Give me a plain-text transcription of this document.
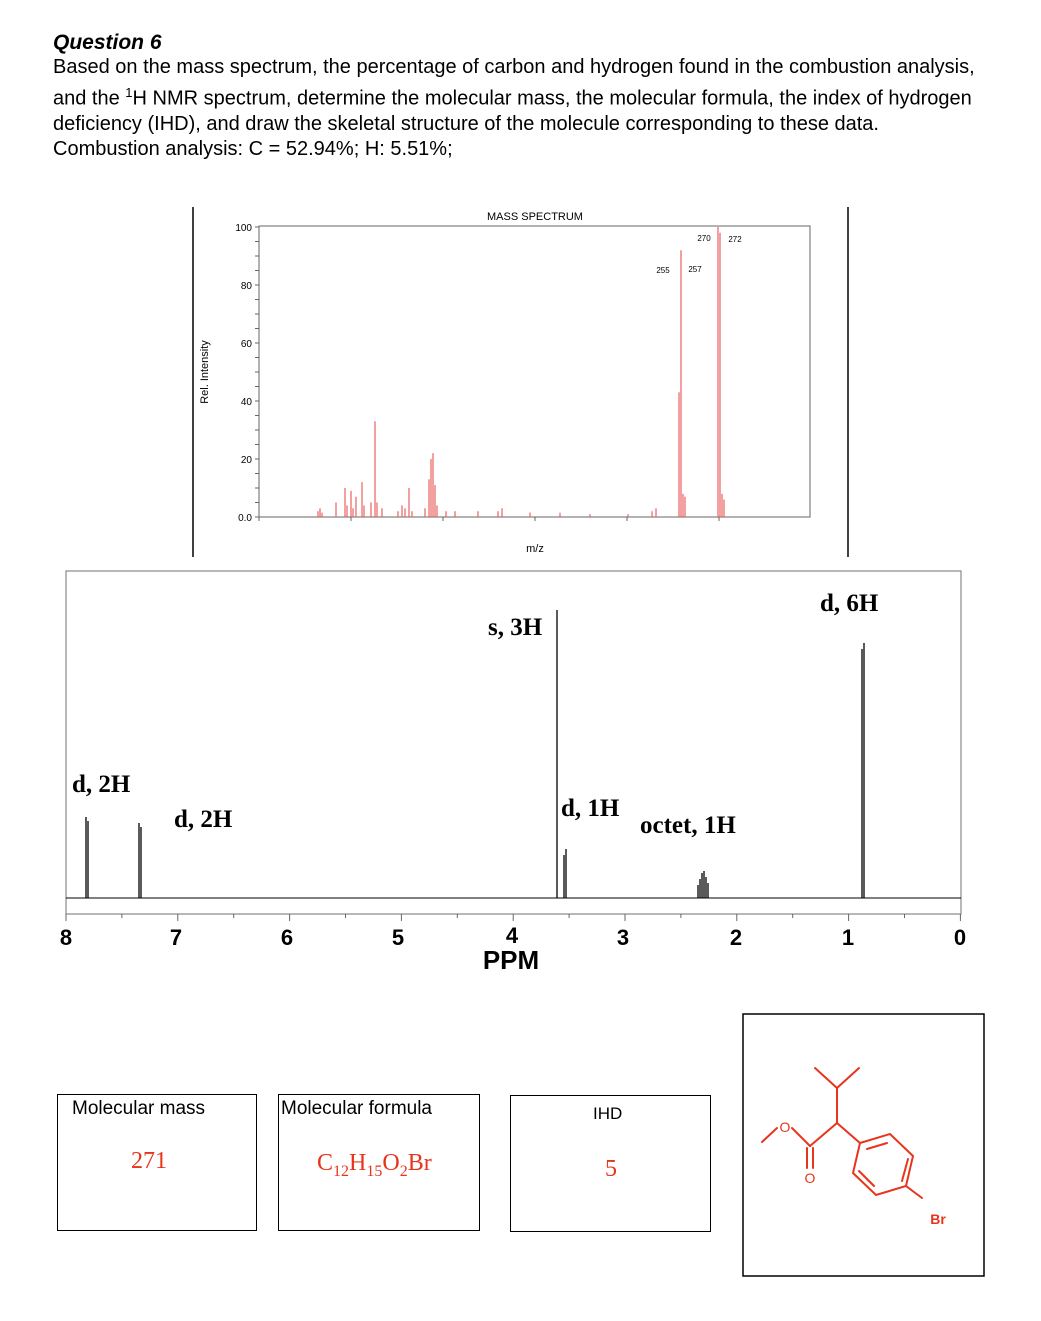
Question 6

Based on the mass spectrum, the percentage of carbon and hydrogen found in the combustion analysis, and the $^1$H NMR spectrum, determine the molecular mass, the molecular formula, the index of hydrogen deficiency (IHD), and draw the skeletal structure of the molecule corresponding to these data.

Combustion analysis: C = 52.94%; H: 5.51%;

MASS SPECTRUM
Rel. Intensity
m/z
0.0
20
40
60
80
100
255 257
270 272
8	7	6	5	4	3	2	1	0
PPM
d, 2H
d, 2H
s, 3H
d, 1H
octet, 1H
d, 6H
Molecular mass
271
Molecular formula
$C_{12}H_{15}O_2Br$
IHD
5
O
O
Br
